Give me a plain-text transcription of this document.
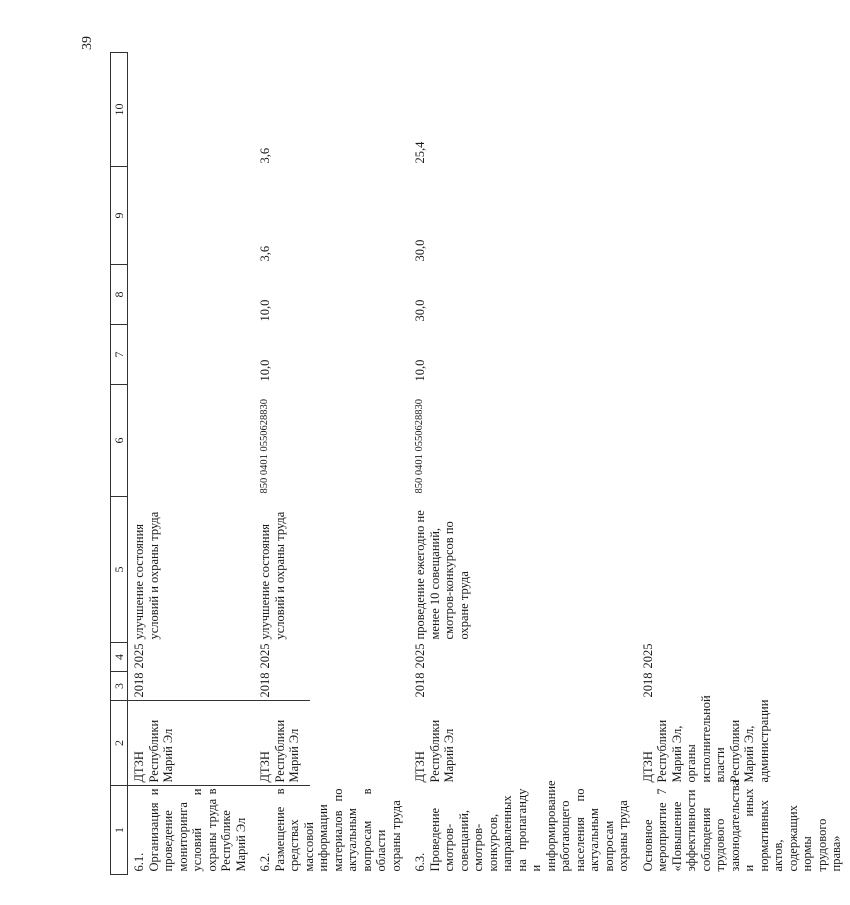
39
1	2	3	4	5	6	7	8	9	10
6.1. Организация и проведение мониторинга условий и охраны труда в Республике Марий Эл	ДТЗН Республики Марий Эл	2018	2025	улучшение состояния условий и охраны труда					
6.2. Размещение в средствах массовой информации материалов по актуальным вопросам в области охраны труда	ДТЗН Республики Марий Эл	2018	2025	улучшение состояния условий и охраны труда	850 0401 0550628830	10,0	10,0	3,6	3,6
6.3. Проведение смотров-совещаний, смотров-конкурсов, направленных на пропаганду и информирование работающего населения по актуальным вопросам охраны труда	ДТЗН Республики Марий Эл	2018	2025	проведение ежегодно не менее 10 совещаний, смотров-конкурсов по охране труда	850 0401 0550628830	10,0	30,0	30,0	25,4
Основное мероприятие 7 «Повышение эффективности соблюдения трудового законодательства и иных нормативных актов, содержащих нормы трудового права»	ДТЗН Республики Марий Эл, органы исполнительной власти Республики Марий Эл, администрации	2018	2025						
